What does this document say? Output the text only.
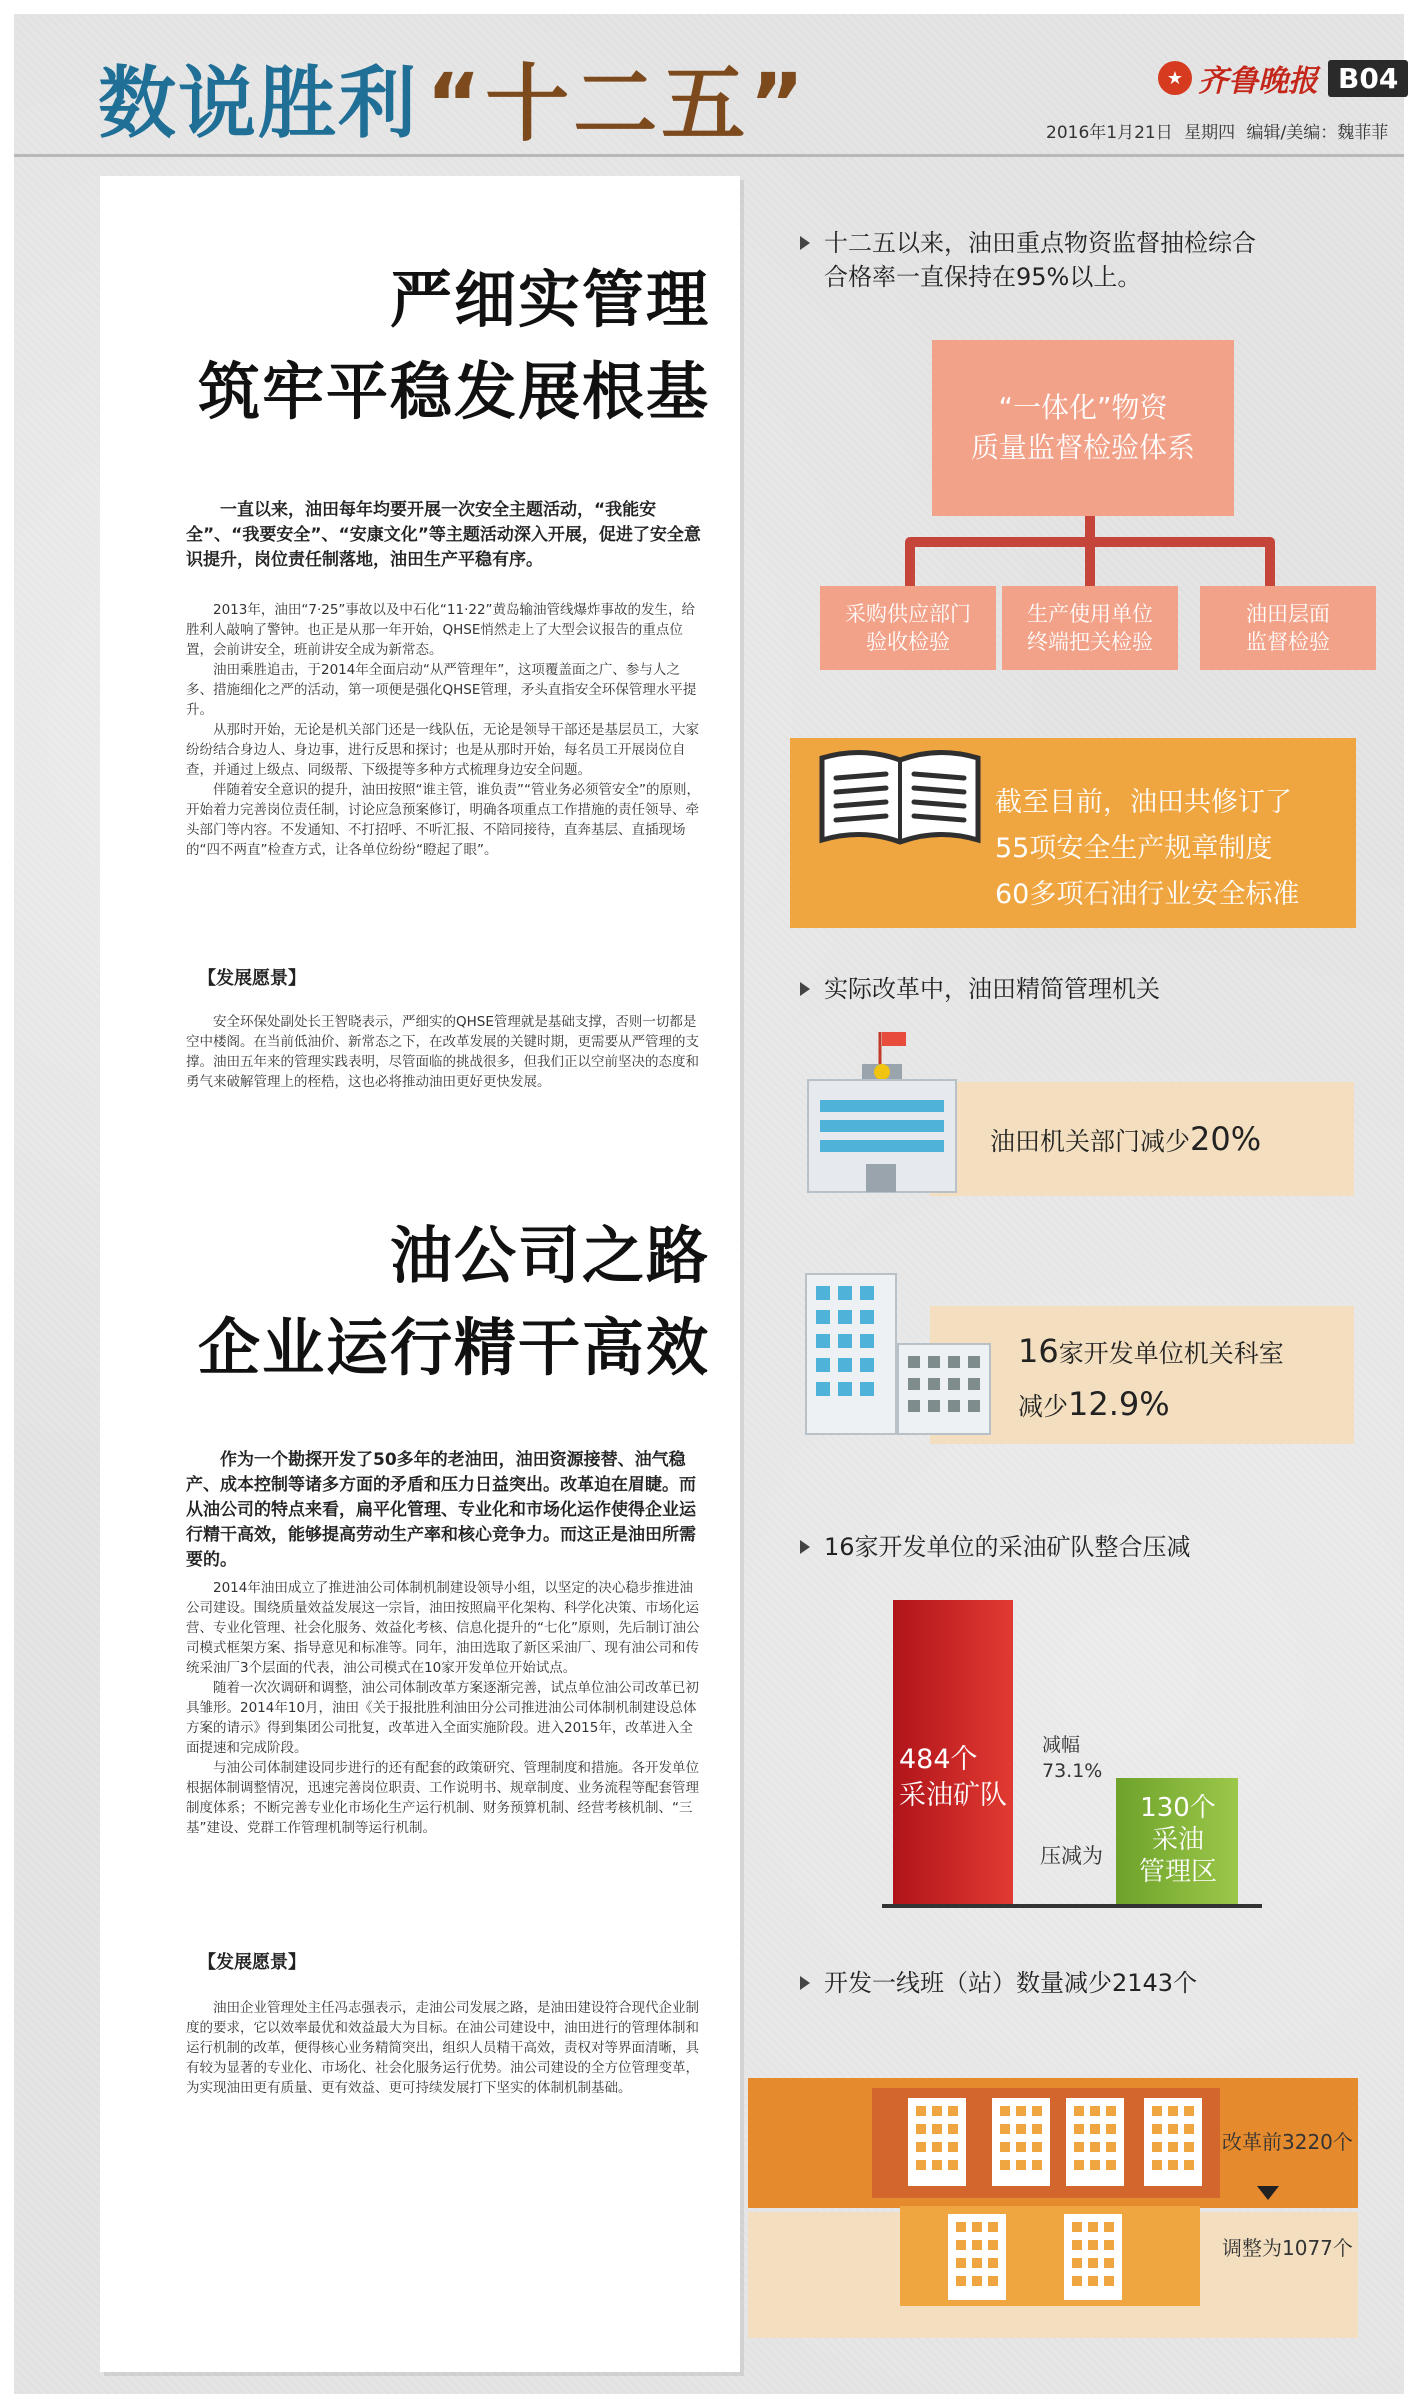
数说胜利 “十二五”	★ 齐鲁晚报 B04
2016年1月21日 星期四 编辑/美编：魏菲菲
严细实管理
筑牢平稳发展根基
一直以来，油田每年均要开展一次安全主题活动，“我能安全”、“我要安全”、“安康文化”等主题活动深入开展，促进了安全意识提升，岗位责任制落地，油田生产平稳有序。

2013年，油田“7·25”事故以及中石化“11·22”黄岛输油管线爆炸事故的发生，给胜利人敲响了警钟。也正是从那一年开始，QHSE悄然走上了大型会议报告的重点位置，会前讲安全，班前讲安全成为新常态。

油田乘胜追击，于2014年全面启动“从严管理年”，这项覆盖面之广、参与人之多、措施细化之严的活动，第一项便是强化QHSE管理，矛头直指安全环保管理水平提升。

从那时开始，无论是机关部门还是一线队伍，无论是领导干部还是基层员工，大家纷纷结合身边人、身边事，进行反思和探讨；也是从那时开始，每名员工开展岗位自查，并通过上级点、同级帮、下级提等多种方式梳理身边安全问题。

伴随着安全意识的提升，油田按照“谁主管，谁负责”“管业务必须管安全”的原则，开始着力完善岗位责任制，讨论应急预案修订，明确各项重点工作措施的责任领导、牵头部门等内容。不发通知、不打招呼、不听汇报、不陪同接待，直奔基层、直插现场的“四不两直”检查方式，让各单位纷纷“瞪起了眼”。

【发展愿景】

安全环保处副处长王智晓表示，严细实的QHSE管理就是基础支撑，否则一切都是空中楼阁。在当前低油价、新常态之下，在改革发展的关键时期，更需要从严管理的支撑。油田五年来的管理实践表明，尽管面临的挑战很多，但我们正以空前坚决的态度和勇气来破解管理上的桎梏，这也必将推动油田更好更快发展。

油公司之路
企业运行精干高效
作为一个勘探开发了50多年的老油田，油田资源接替、油气稳产、成本控制等诸多方面的矛盾和压力日益突出。改革迫在眉睫。而从油公司的特点来看，扁平化管理、专业化和市场化运作使得企业运行精干高效，能够提高劳动生产率和核心竞争力。而这正是油田所需要的。

2014年油田成立了推进油公司体制机制建设领导小组，以坚定的决心稳步推进油公司建设。围绕质量效益发展这一宗旨，油田按照扁平化架构、科学化决策、市场化运营、专业化管理、社会化服务、效益化考核、信息化提升的“七化”原则，先后制订油公司模式框架方案、指导意见和标准等。同年，油田选取了新区采油厂、现有油公司和传统采油厂3个层面的代表，油公司模式在10家开发单位开始试点。

随着一次次调研和调整，油公司体制改革方案逐渐完善，试点单位油公司改革已初具雏形。2014年10月，油田《关于报批胜利油田分公司推进油公司体制机制建设总体方案的请示》得到集团公司批复，改革进入全面实施阶段。进入2015年，改革进入全面提速和完成阶段。

与油公司体制建设同步进行的还有配套的政策研究、管理制度和措施。各开发单位根据体制调整情况，迅速完善岗位职责、工作说明书、规章制度、业务流程等配套管理制度体系；不断完善专业化市场化生产运行机制、财务预算机制、经营考核机制、“三基”建设、党群工作管理机制等运行机制。

【发展愿景】

油田企业管理处主任冯志强表示，走油公司发展之路，是油田建设符合现代企业制度的要求，它以效率最优和效益最大为目标。在油公司建设中，油田进行的管理体制和运行机制的改革，便得核心业务精简突出，组织人员精干高效，责权对等界面清晰，具有较为显著的专业化、市场化、社会化服务运行优势。油公司建设的全方位管理变革，为实现油田更有质量、更有效益、更可持续发展打下坚实的体制机制基础。

十二五以来，油田重点物资监督抽检综合
合格率一直保持在95%以上。
“一体化”物资
质量监督检验体系
采购供应部门
验收检验
生产使用单位
终端把关检验
油田层面
监督检验
截至目前，油田共修订了
55项安全生产规章制度
60多项石油行业安全标准
实际改革中，油田精简管理机关
油田机关部门减少20%
16家开发单位机关科室
减少12.9%
16家开发单位的采油矿队整合压减
484个
采油矿队
减幅
73.1%
压减为
130个
采油
管理区
开发一线班（站）数量减少2143个
改革前3220个
调整为1077个
